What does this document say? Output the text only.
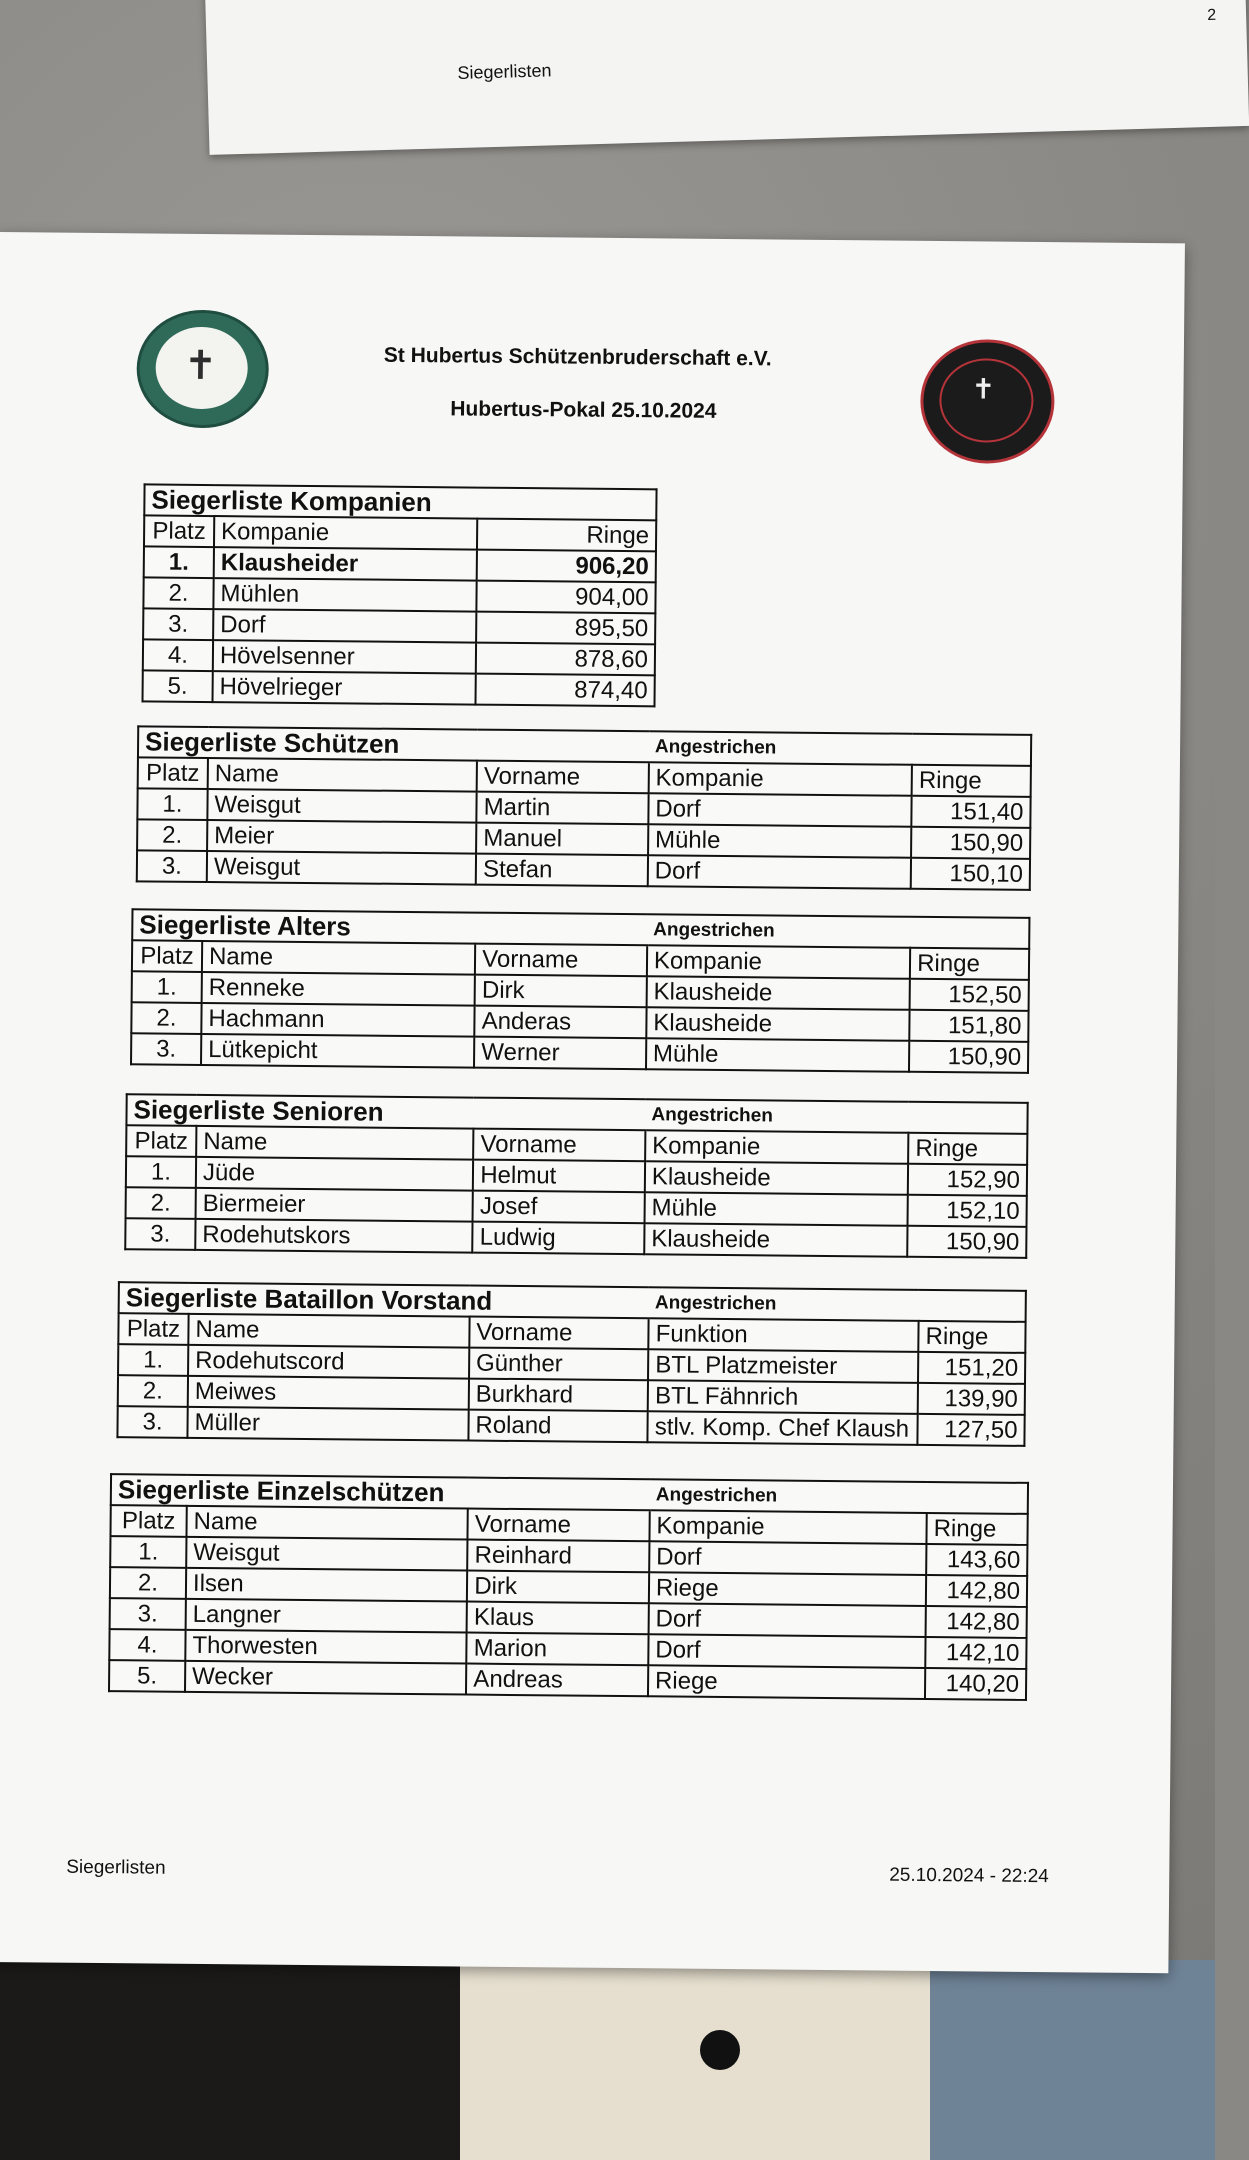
Siegerlisten
2
✝
✝
St Hubertus Schützenbruderschaft e.V.
Hubertus-Pokal 25.10.2024
Siegerliste Kompanien		
Platz	Kompanie	Ringe
1.	Klausheider	906,20
2.	Mühlen	904,00
3.	Dorf	895,50
4.	Hövelsenner	878,60
5.	Hövelrieger	874,40
Siegerliste Schützen			Angestrichen	
Platz	Name	Vorname	Kompanie	Ringe
1.	Weisgut	Martin	Dorf	151,40
2.	Meier	Manuel	Mühle	150,90
3.	Weisgut	Stefan	Dorf	150,10
Siegerliste Alters			Angestrichen	
Platz	Name	Vorname	Kompanie	Ringe
1.	Renneke	Dirk	Klausheide	152,50
2.	Hachmann	Anderas	Klausheide	151,80
3.	Lütkepicht	Werner	Mühle	150,90
Siegerliste Senioren			Angestrichen	
Platz	Name	Vorname	Kompanie	Ringe
1.	Jüde	Helmut	Klausheide	152,90
2.	Biermeier	Josef	Mühle	152,10
3.	Rodehutskors	Ludwig	Klausheide	150,90
Siegerliste Bataillon Vorstand			Angestrichen	
Platz	Name	Vorname	Funktion	Ringe
1.	Rodehutscord	Günther	BTL Platzmeister	151,20
2.	Meiwes	Burkhard	BTL Fähnrich	139,90
3.	Müller	Roland	stlv. Komp. Chef Klaush	127,50
Siegerliste Einzelschützen			Angestrichen	
Platz	Name	Vorname	Kompanie	Ringe
1.	Weisgut	Reinhard	Dorf	143,60
2.	Ilsen	Dirk	Riege	142,80
3.	Langner	Klaus	Dorf	142,80
4.	Thorwesten	Marion	Dorf	142,10
5.	Wecker	Andreas	Riege	140,20
Siegerlisten	25.10.2024 - 22:24
